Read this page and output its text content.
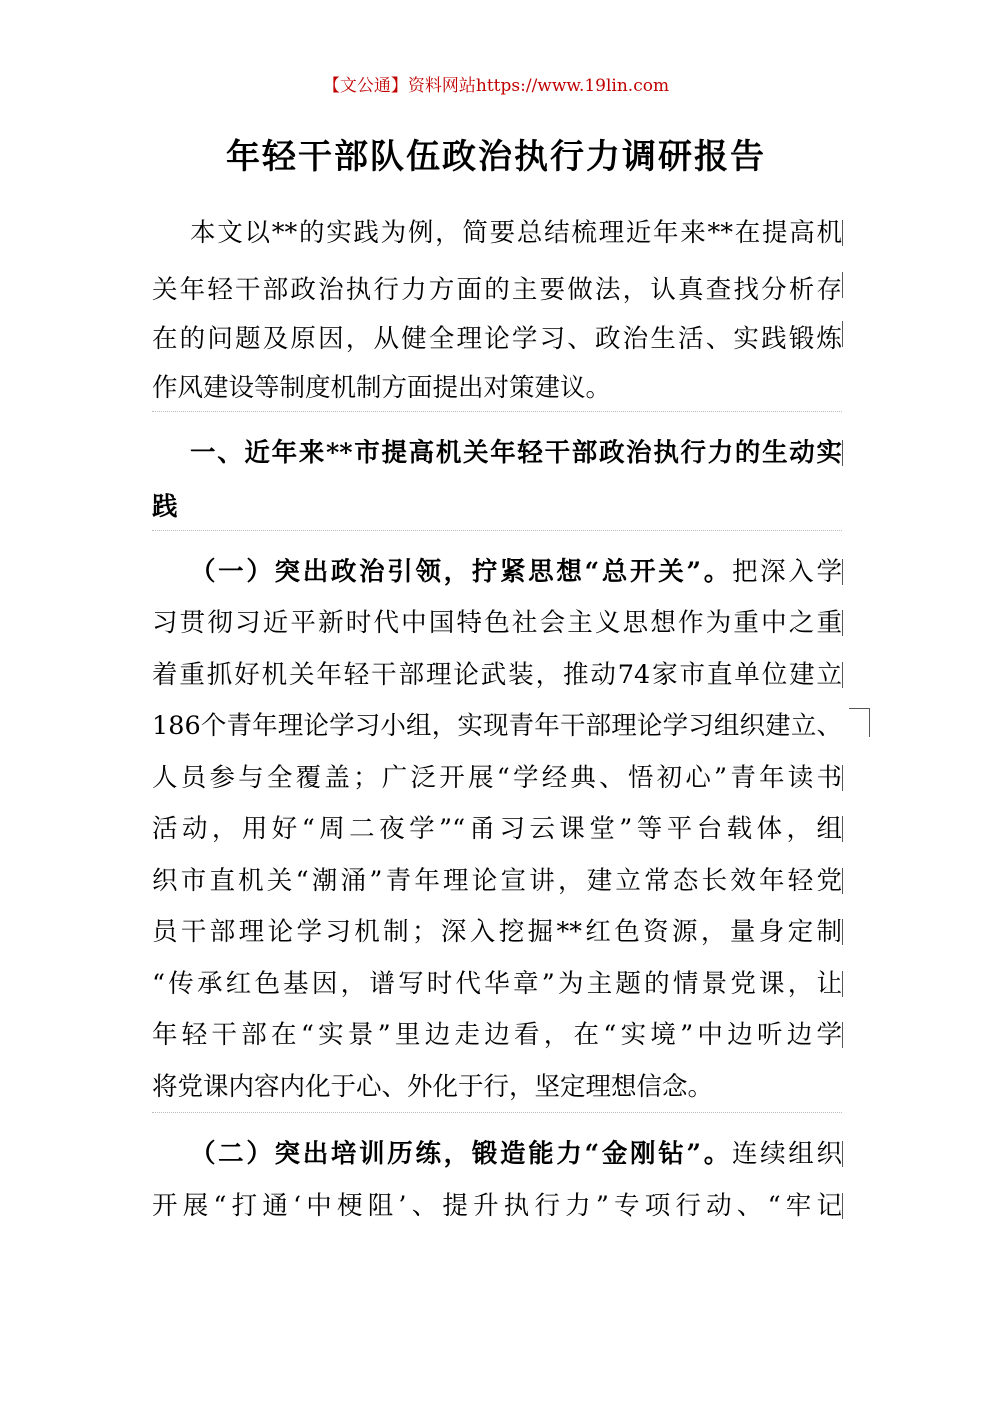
【文公通】资料网站https://www.19lin.com
年轻干部队伍政治执行力调研报告
本文以**的实践为例，简要总结梳理近年来**在提高机
关年轻干部政治执行力方面的主要做法，认真查找分析存
在的问题及原因，从健全理论学习、政治生活、实践锻炼
作风建设等制度机制方面提出对策建议。
一、近年来**市提高机关年轻干部政治执行力的生动实
践
（一）突出政治引领，拧紧思想“总开关”。把深入学
习贯彻习近平新时代中国特色社会主义思想作为重中之重
着重抓好机关年轻干部理论武装，推动74家市直单位建立
186个青年理论学习小组，实现青年干部理论学习组织建立、
人员参与全覆盖；广泛开展“学经典、悟初心”青年读书
活动，用好“周二夜学”“甬习云课堂”等平台载体，组
织市直机关“潮涌”青年理论宣讲，建立常态长效年轻党
员干部理论学习机制；深入挖掘**红色资源，量身定制
“传承红色基因，谱写时代华章”为主题的情景党课，让
年轻干部在“实景”里边走边看，在“实境”中边听边学
将党课内容内化于心、外化于行，坚定理想信念。
（二）突出培训历练，锻造能力“金刚钻”。连续组织
开展“打通‘中梗阻’、提升执行力”专项行动、“牢记
